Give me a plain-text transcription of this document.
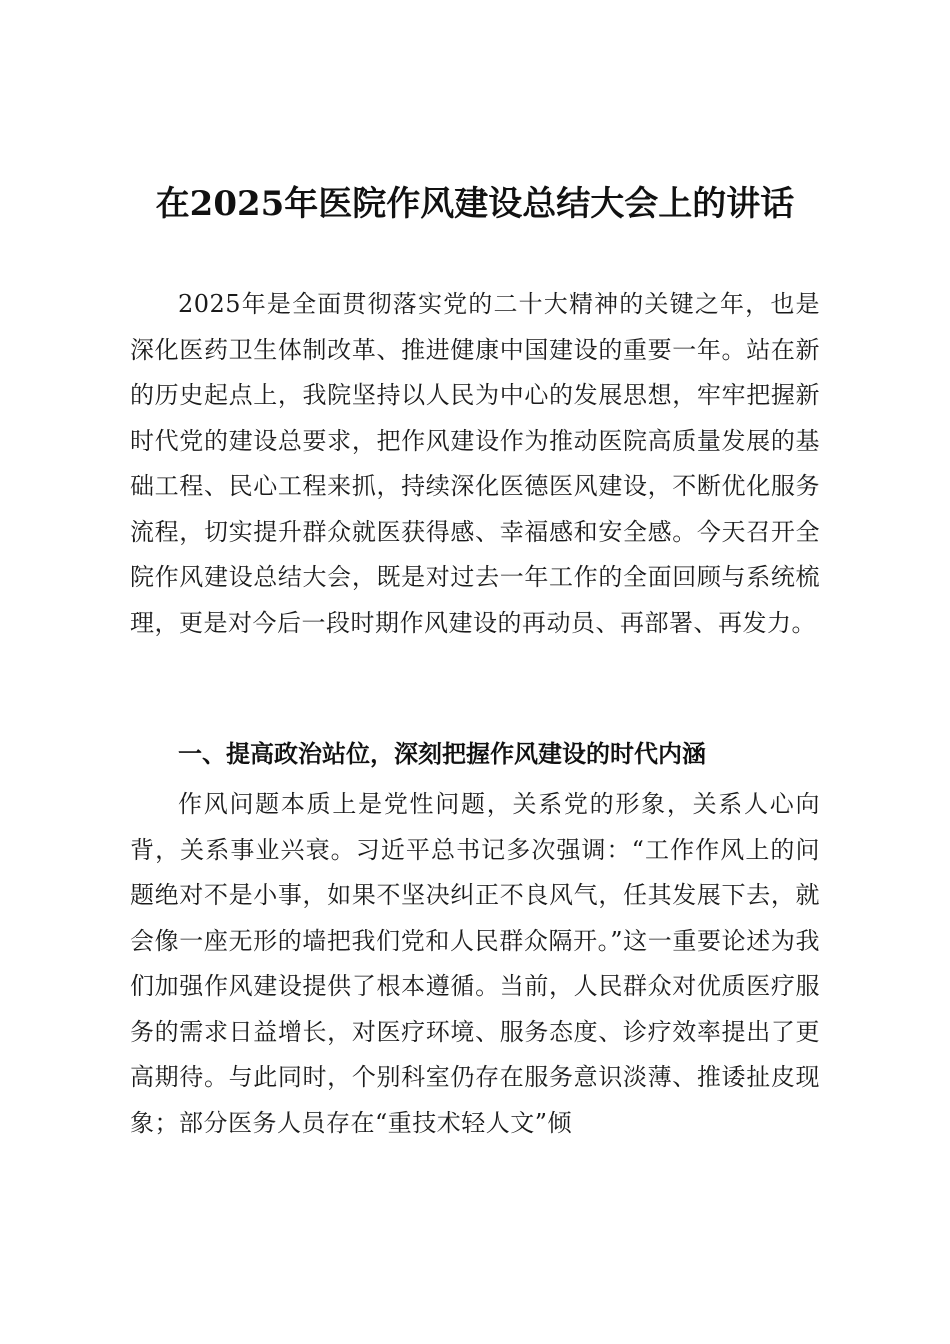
在2025年医院作风建设总结大会上的讲话

2025年是全面贯彻落实党的二十大精神的关键之年，也是深化医药卫生体制改革、推进健康中国建设的重要一年。站在新的历史起点上，我院坚持以人民为中心的发展思想，牢牢把握新时代党的建设总要求，把作风建设作为推动医院高质量发展的基础工程、民心工程来抓，持续深化医德医风建设，不断优化服务流程，切实提升群众就医获得感、幸福感和安全感。今天召开全院作风建设总结大会，既是对过去一年工作的全面回顾与系统梳理，更是对今后一段时期作风建设的再动员、再部署、再发力。

一、提高政治站位，深刻把握作风建设的时代内涵

作风问题本质上是党性问题，关系党的形象，关系人心向背，关系事业兴衰。习近平总书记多次强调：“工作作风上的问题绝对不是小事，如果不坚决纠正不良风气，任其发展下去，就会像一座无形的墙把我们党和人民群众隔开。”这一重要论述为我们加强作风建设提供了根本遵循。当前，人民群众对优质医疗服务的需求日益增长，对医疗环境、服务态度、诊疗效率提出了更高期待。与此同时，个别科室仍存在服务意识淡薄、推诿扯皮现象；部分医务人员存在“重技术轻人文”倾
